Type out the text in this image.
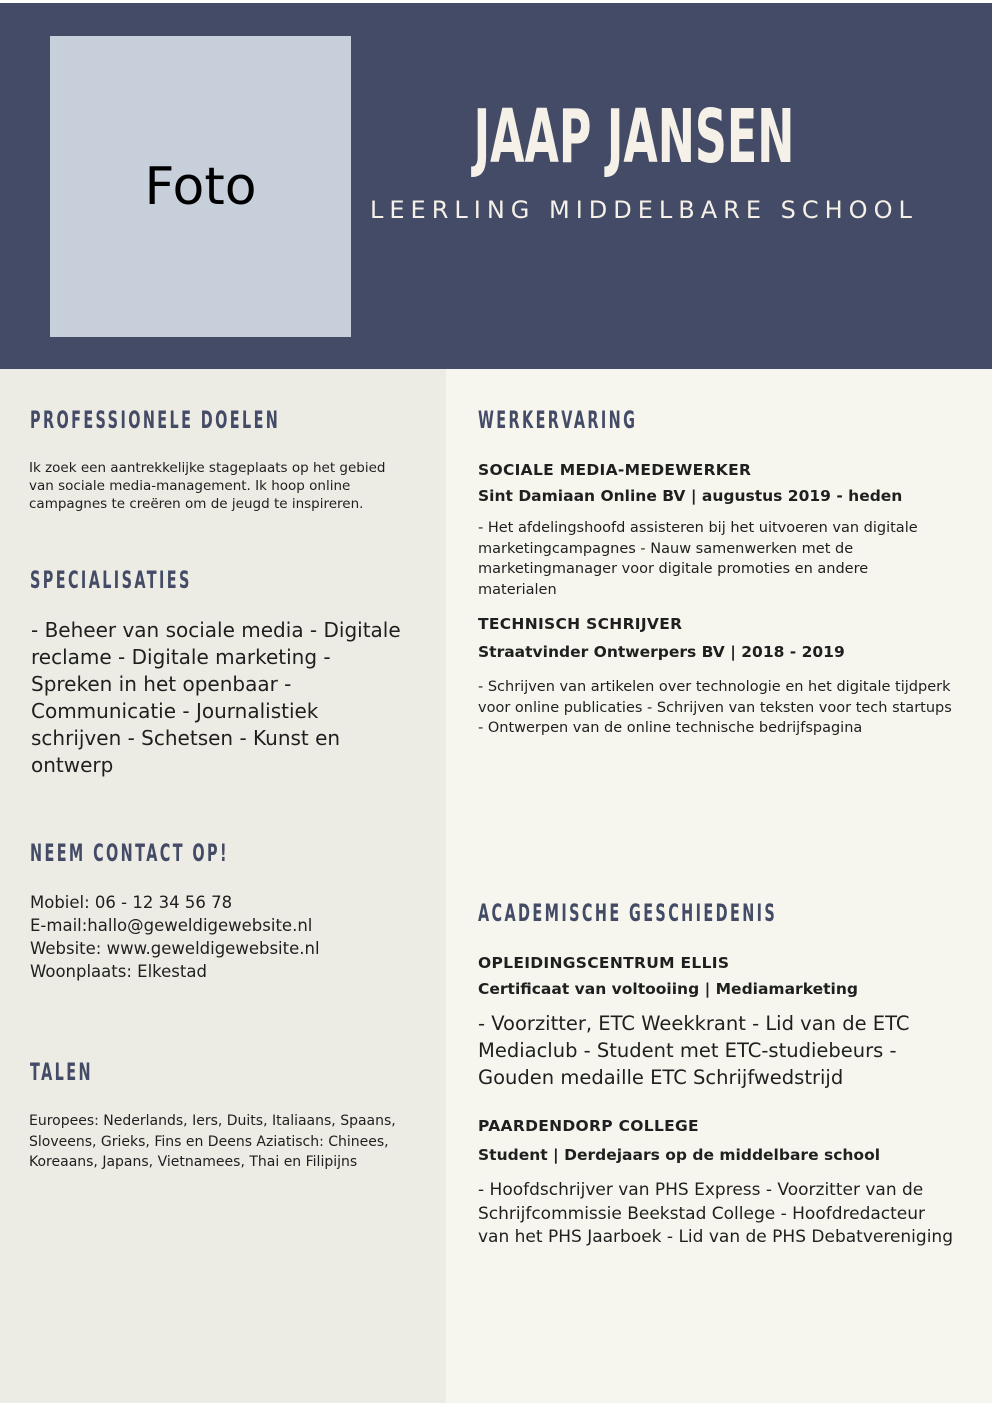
Foto
JAAP JANSEN
LEERLING MIDDELBARE SCHOOL
PROFESSIONELE DOELEN

Ik zoek een aantrekkelijke stageplaats op het gebied van sociale media-management. Ik hoop online campagnes te creëren om de jeugd te inspireren.

SPECIALISATIES

- Beheer van sociale media - Digitale reclame - Digitale marketing - Spreken in het openbaar - Communicatie - Journalistiek schrijven - Schetsen - Kunst en ontwerp

NEEM CONTACT OP!
Mobiel: 06 - 12 34 56 78
E-mail:hallo@geweldigewebsite.nl
Website: www.geweldigewebsite.nl
Woonplaats: Elkestad
TALEN

Europees: Nederlands, Iers, Duits, Italiaans, Spaans, Sloveens, Grieks, Fins en Deens Aziatisch: Chinees, Koreaans, Japans, Vietnamees, Thai en Filipijns

WERKERVARING
SOCIALE MEDIA-MEDEWERKER
Sint Damiaan Online BV | augustus 2019 - heden

- Het afdelingshoofd assisteren bij het uitvoeren van digitale marketingcampagnes - Nauw samenwerken met de marketingmanager voor digitale promoties en andere materialen

TECHNISCH SCHRIJVER
Straatvinder Ontwerpers BV | 2018 - 2019

- Schrijven van artikelen over technologie en het digitale tijdperk voor online publicaties - Schrijven van teksten voor tech startups - Ontwerpen van de online technische bedrijfspagina

ACADEMISCHE GESCHIEDENIS
OPLEIDINGSCENTRUM ELLIS
Certificaat van voltooiing | Mediamarketing

- Voorzitter, ETC Weekkrant - Lid van de ETC Mediaclub - Student met ETC-studiebeurs - Gouden medaille ETC Schrijfwedstrijd

PAARDENDORP COLLEGE
Student | Derdejaars op de middelbare school

- Hoofdschrijver van PHS Express - Voorzitter van de Schrijfcommissie Beekstad College - Hoofdredacteur van het PHS Jaarboek - Lid van de PHS Debatvereniging
